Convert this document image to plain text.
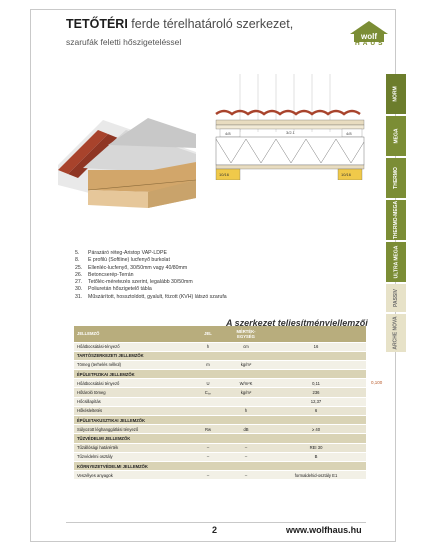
TETŐTÉRI ferde térelhatároló szerkezet,
szarufák feletti hőszigeteléssel
wolf
HAUS
NORM
MEGA
THERMO
THERMO-MEGA
ULTRA MEGA
PASSIV
ARCHE NOVA
4/8	3/2.1	4/8
10/16	10/16
5.	Párazáró réteg-Aristop VAP-LDPE
8.	E profilú (Softline) lucfenyő burkolat
25.	Ellenléc-lucfenyő, 30/50mm vagy 40/80mm
26.	Betoncserép-Terrán
27.	Tetőléc-méretezés szerint, legalább 30/50mm
30.	Poliuretán hőszigetelő tábla
31.	Műszárított, hossztoldott, gyalult, fózott (KVH) látszó szarufa
A szerkezet teljesítményjellemzői
JELLEMZŐ	JEL	MÉRTÉK-EGYSÉG	
Hőátbocsátási-tényező	h	cm	16
TARTÓSZERKEZETI JELLEMZŐK			
Tömeg (terhelés nélkül)	m	kg/m²	
ÉPÜLETFIZIKAI JELLEMZŐK			
Hőátbocsátási tényező	U	W/m²K	0,11
Hőtároló tömeg	Cₛₚ	kg/m²	236
Hőcsillapítás			12,37
Hőkésleltetés		h	6
ÉPÜLETAKUSZTIKAI JELLEMZŐK			
Súlyozott léghanggátlási tényező	Rw	dB	≥ 40
TŰZVÉDELMI JELLEMZŐK			
Tűzállósági határérték	–	–	REI 30
Tűzvédelmi osztály	–	–	B
KÖRNYEZETVÉDELMI JELLEMZŐK			
Veszélyes anyagok	–	–	formaldehid-osztály E1
0,100
2	www.wolfhaus.hu
